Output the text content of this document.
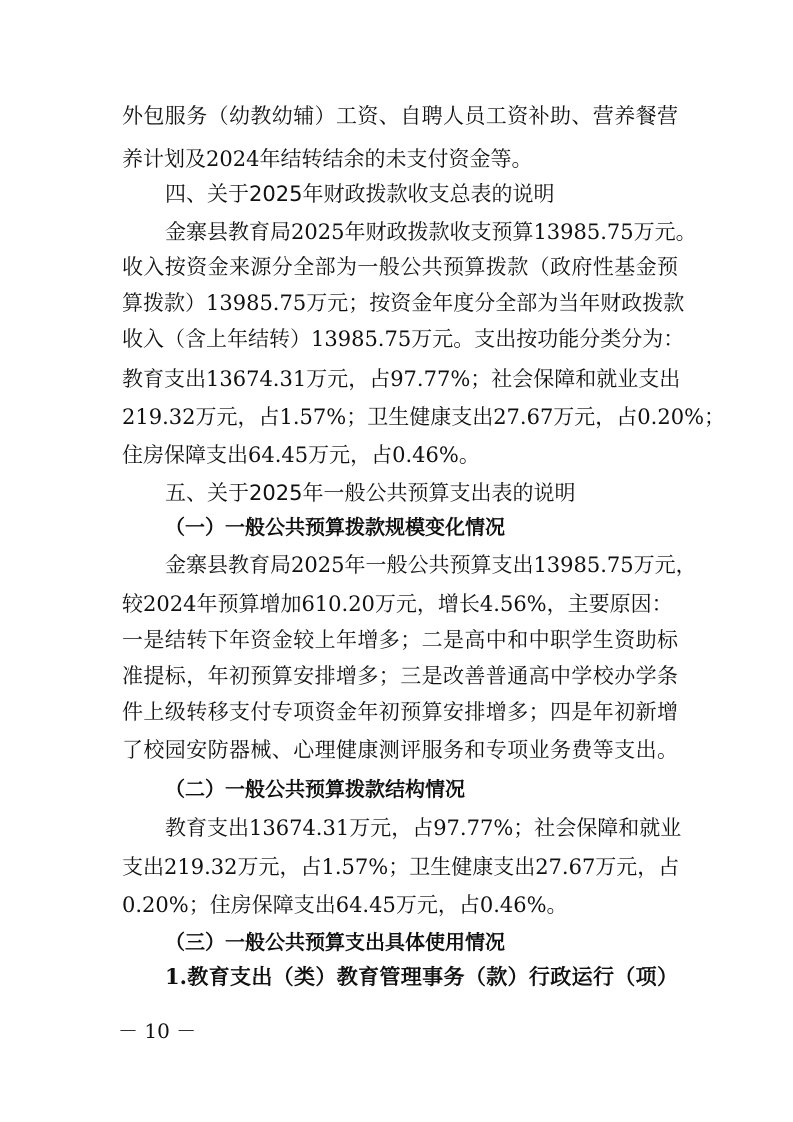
外包服务（幼教幼辅）工资、自聘人员工资补助、营养餐营
养计划及2024年结转结余的未支付资金等。
四、关于2025年财政拨款收支总表的说明
金寨县教育局2025年财政拨款收支预算13985.75万元。
收入按资金来源分全部为一般公共预算拨款（政府性基金预
算拨款）13985.75万元；按资金年度分全部为当年财政拨款
收入（含上年结转）13985.75万元。支出按功能分类分为：
教育支出13674.31万元，占97.77%；社会保障和就业支出
219.32万元，占1.57%；卫生健康支出27.67万元，占0.20%；
住房保障支出64.45万元，占0.46%。
五、关于2025年一般公共预算支出表的说明
（一）一般公共预算拨款规模变化情况
金寨县教育局2025年一般公共预算支出13985.75万元，
较2024年预算增加610.20万元，增长4.56%，主要原因：
一是结转下年资金较上年增多；二是高中和中职学生资助标
准提标，年初预算安排增多；三是改善普通高中学校办学条
件上级转移支付专项资金年初预算安排增多；四是年初新增
了校园安防器械、心理健康测评服务和专项业务费等支出。
（二）一般公共预算拨款结构情况
教育支出13674.31万元，占97.77%；社会保障和就业
支出219.32万元，占1.57%；卫生健康支出27.67万元，占
0.20%；住房保障支出64.45万元，占0.46%。
（三）一般公共预算支出具体使用情况
1.教育支出（类）教育管理事务（款）行政运行（项）
－ 10 －
